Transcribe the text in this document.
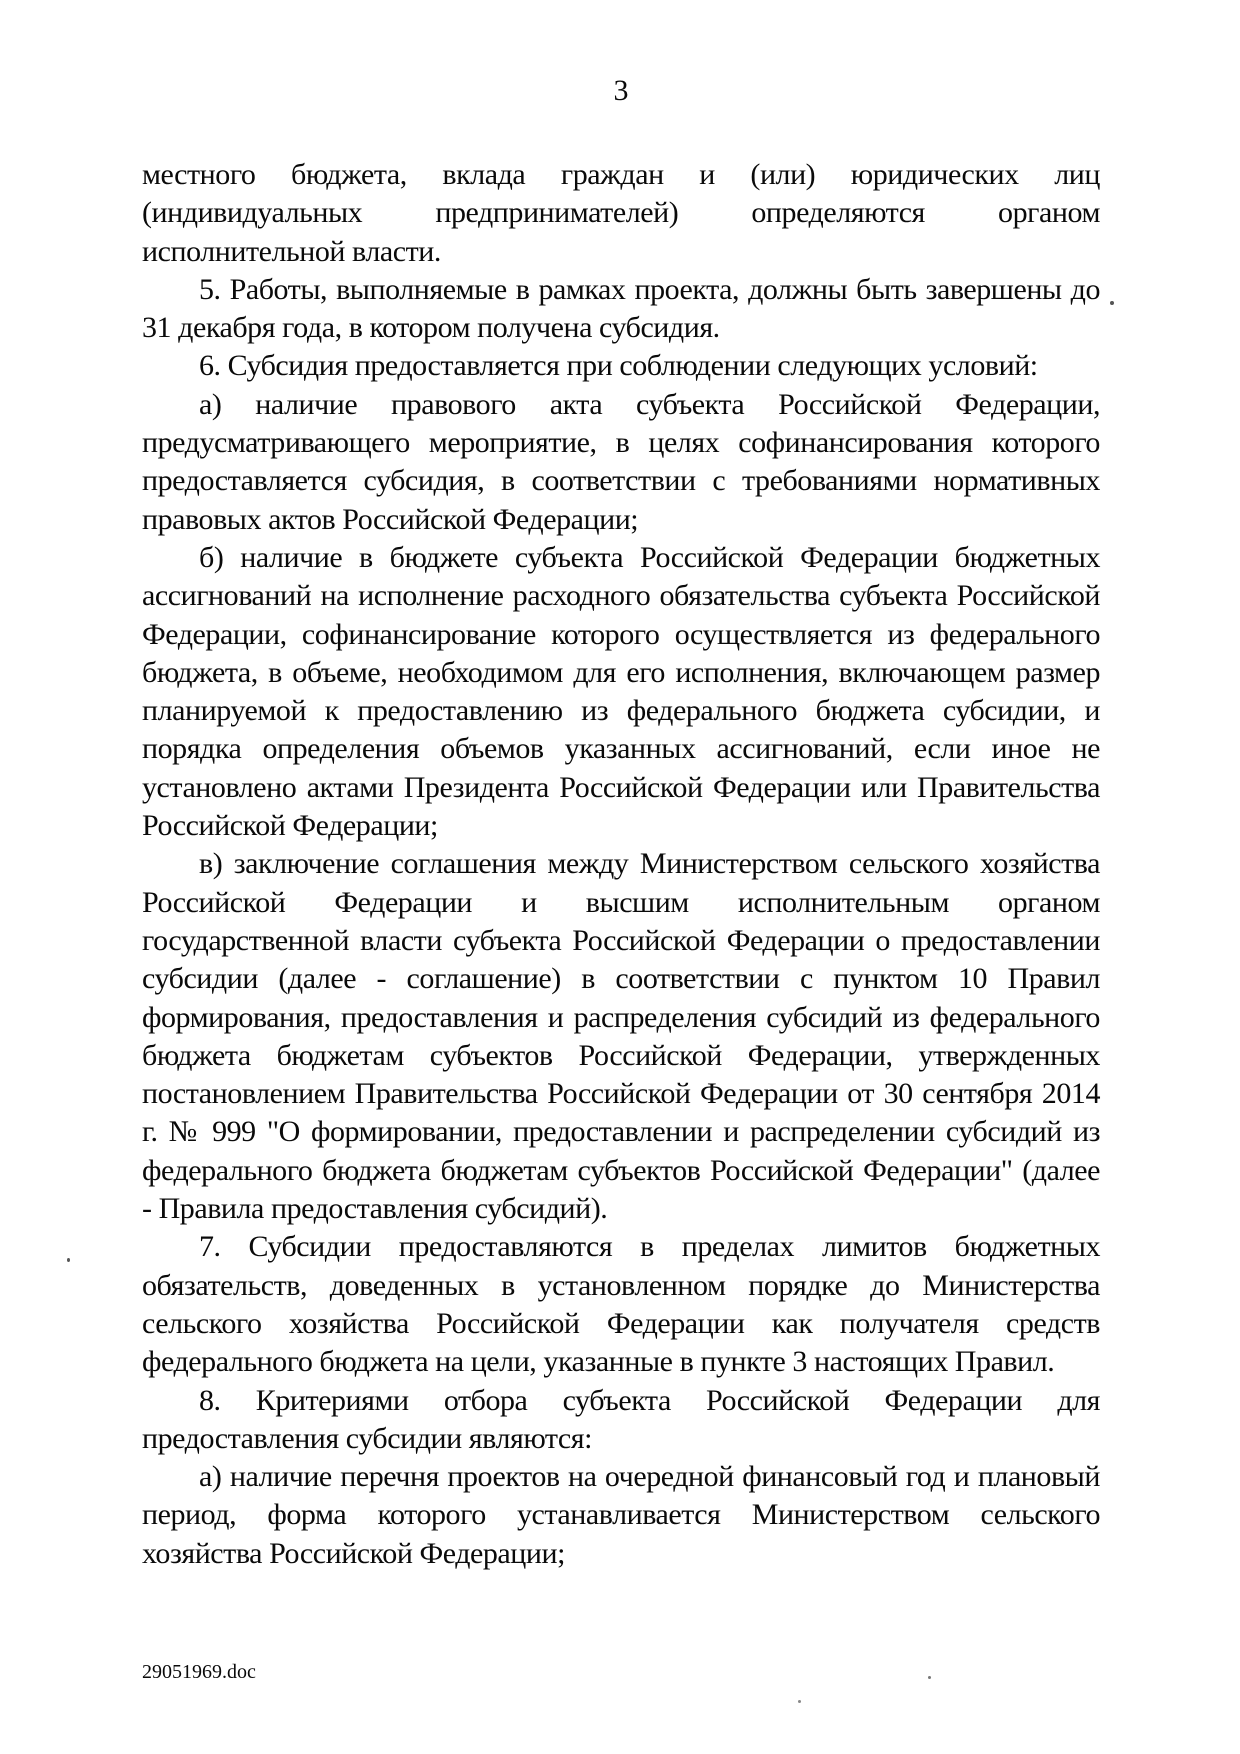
3

местного бюджета, вклада граждан и (или) юридических лиц (индивидуальных предпринимателей) определяются органом исполнительной власти.

5. Работы, выполняемые в рамках проекта, должны быть завершены до 31 декабря года, в котором получена субсидия.

6. Субсидия предоставляется при соблюдении следующих условий:

а) наличие правового акта субъекта Российской Федерации, предусматривающего мероприятие, в целях софинансирования которого предоставляется субсидия, в соответствии с требованиями нормативных правовых актов Российской Федерации;

б) наличие в бюджете субъекта Российской Федерации бюджетных ассигнований на исполнение расходного обязательства субъекта Российской Федерации, софинансирование которого осуществляется из федерального бюджета, в объеме, необходимом для его исполнения, включающем размер планируемой к предоставлению из федерального бюджета субсидии, и порядка определения объемов указанных ассигнований, если иное не установлено актами Президента Российской Федерации или Правительства Российской Федерации;

в) заключение соглашения между Министерством сельского хозяйства Российской Федерации и высшим исполнительным органом государственной власти субъекта Российской Федерации о предоставлении субсидии (далее - соглашение) в соответствии с пунктом 10 Правил формирования, предоставления и распределения субсидий из федерального бюджета бюджетам субъектов Российской Федерации, утвержденных постановлением Правительства Российской Федерации от 30 сентября 2014 г. № 999 "О формировании, предоставлении и распределении субсидий из федерального бюджета бюджетам субъектов Российской Федерации" (далее - Правила предоставления субсидий).

7. Субсидии предоставляются в пределах лимитов бюджетных обязательств, доведенных в установленном порядке до Министерства сельского хозяйства Российской Федерации как получателя средств федерального бюджета на цели, указанные в пункте 3 настоящих Правил.

8. Критериями отбора субъекта Российской Федерации для предоставления субсидии являются:

а) наличие перечня проектов на очередной финансовый год и плановый период, форма которого устанавливается Министерством сельского хозяйства Российской Федерации;

29051969.doc
